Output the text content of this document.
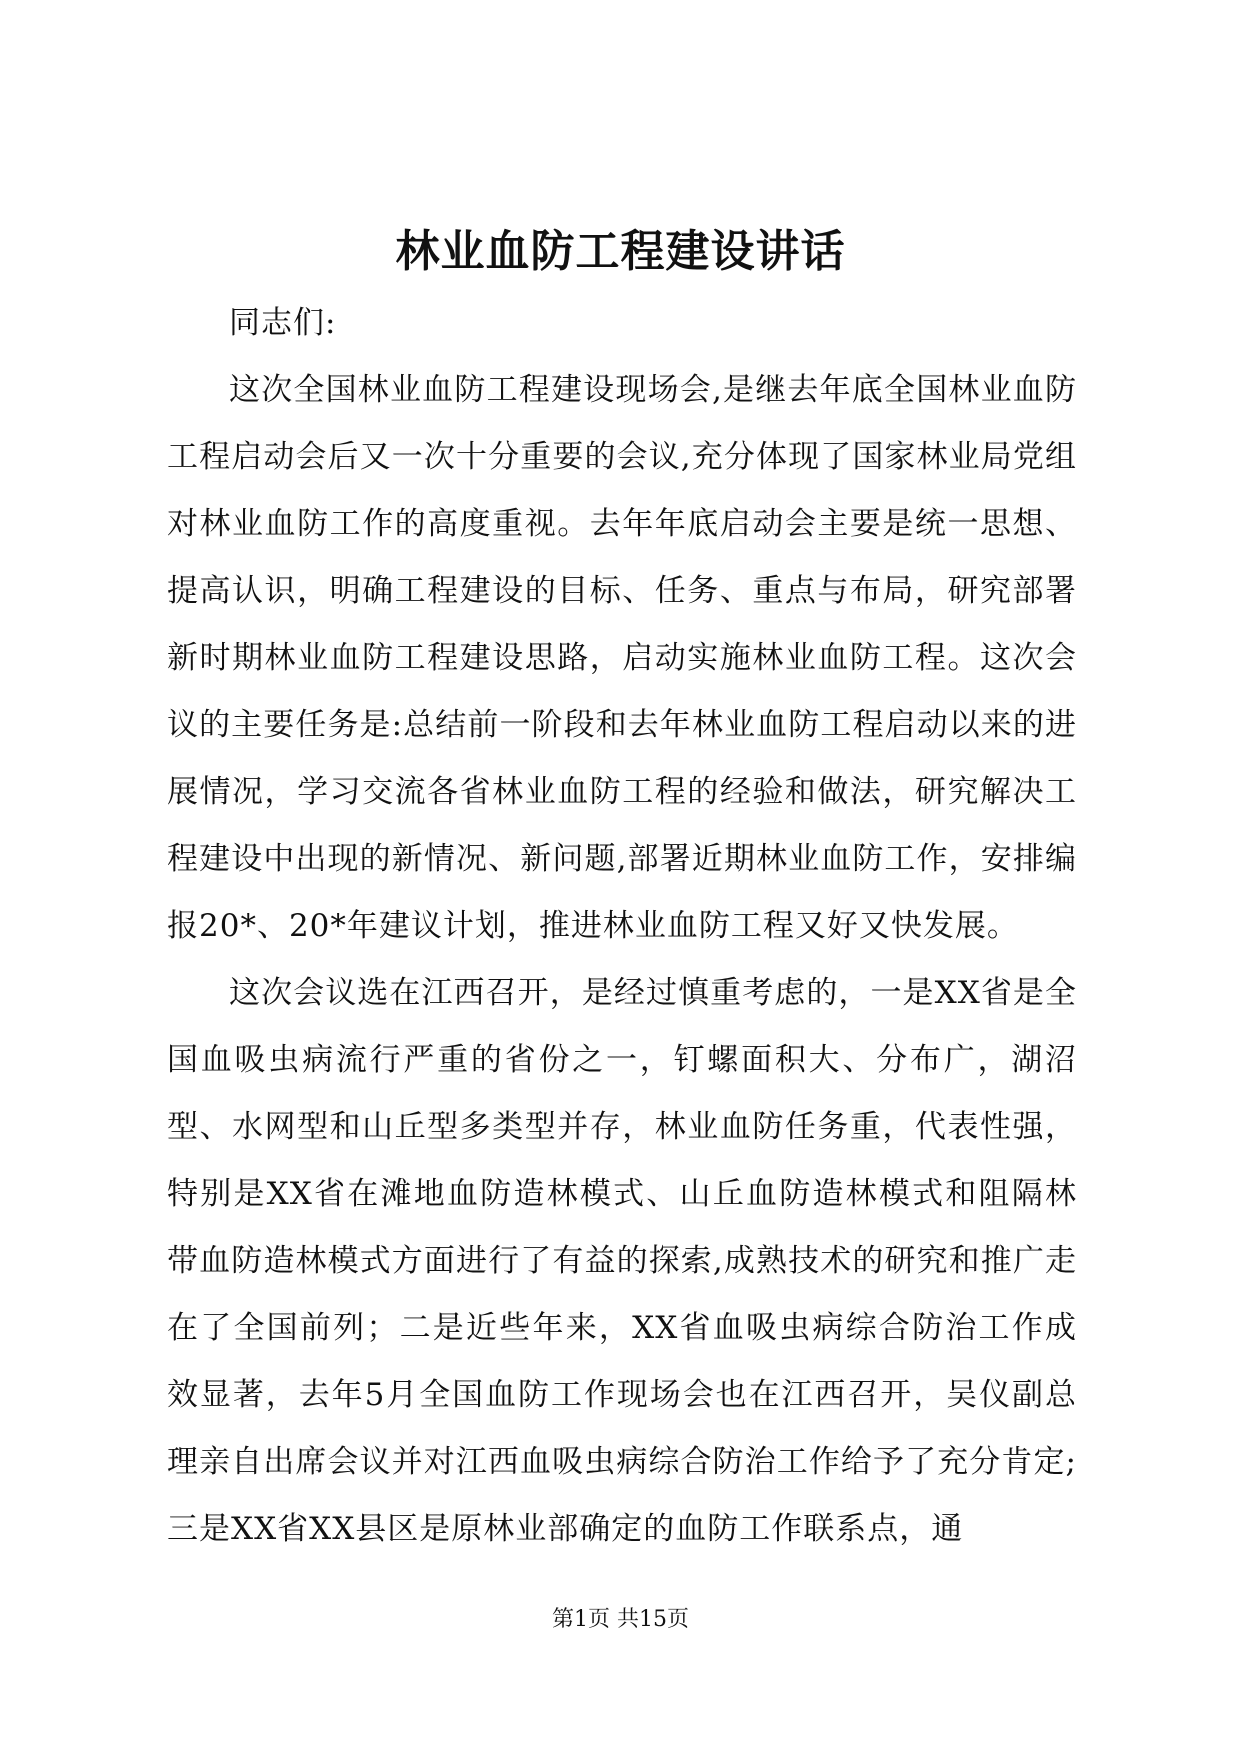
林业血防工程建设讲话

同志们:

这次全国林业血防工程建设现场会,是继去年底全国林业血防工程启动会后又一次十分重要的会议,充分体现了国家林业局党组对林业血防工作的高度重视。去年年底启动会主要是统一思想、提高认识，明确工程建设的目标、任务、重点与布局，研究部署新时期林业血防工程建设思路，启动实施林业血防工程。这次会议的主要任务是:总结前一阶段和去年林业血防工程启动以来的进展情况，学习交流各省林业血防工程的经验和做法，研究解决工程建设中出现的新情况、新问题,部署近期林业血防工作，安排编报20*、20*年建议计划，推进林业血防工程又好又快发展。

这次会议选在江西召开，是经过慎重考虑的，一是XX省是全国血吸虫病流行严重的省份之一，钉螺面积大、分布广，湖沼型、水网型和山丘型多类型并存，林业血防任务重，代表性强，特别是XX省在滩地血防造林模式、山丘血防造林模式和阻隔林带血防造林模式方面进行了有益的探索,成熟技术的研究和推广走在了全国前列；二是近些年来，XX省血吸虫病综合防治工作成效显著，去年5月全国血防工作现场会也在江西召开，吴仪副总理亲自出席会议并对江西血吸虫病综合防治工作给予了充分肯定;三是XX省XX县区是原林业部确定的血防工作联系点，通

第1页 共15页
